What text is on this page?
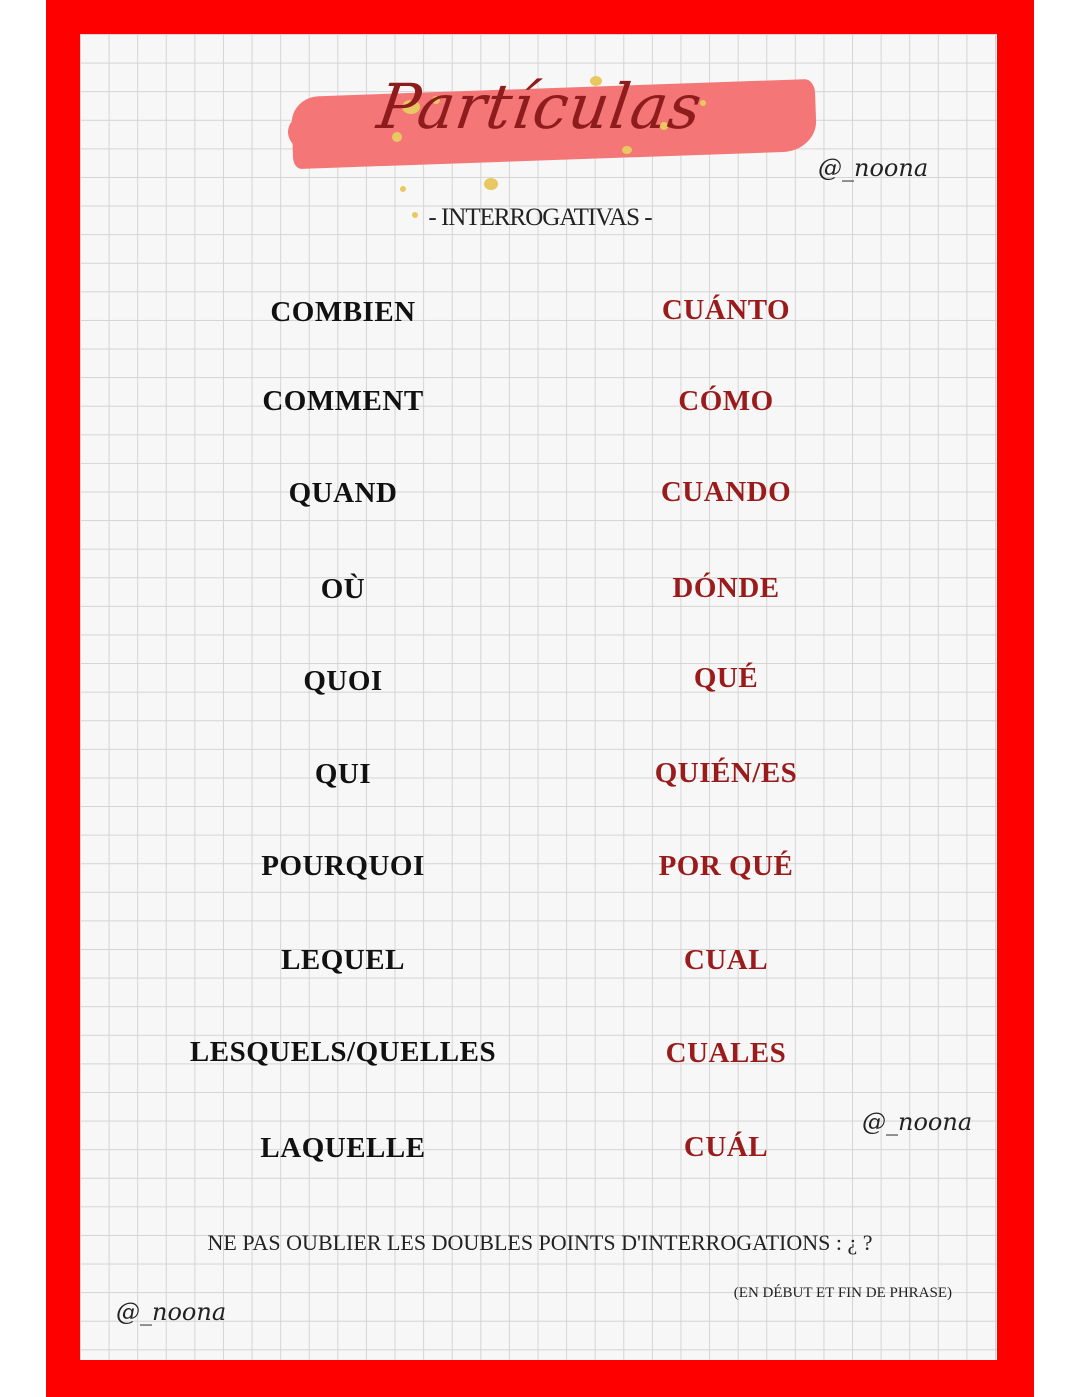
Partículas
@_noona
- INTERROGATIVAS -
COMBIEN	CUÁNTO
COMMENT	CÓMO
QUAND	CUANDO
OÙ	DÓNDE
QUOI	QUÉ
QUI	QUIÉN/ES
POURQUOI	POR QUÉ
LEQUEL	CUAL
LESQUELS/QUELLES	CUALES
@_noona
LAQUELLE	CUÁL
NE PAS OUBLIER LES DOUBLES POINTS D'INTERROGATIONS : ¿ ?
(EN DÉBUT ET FIN DE PHRASE)
@_noona
